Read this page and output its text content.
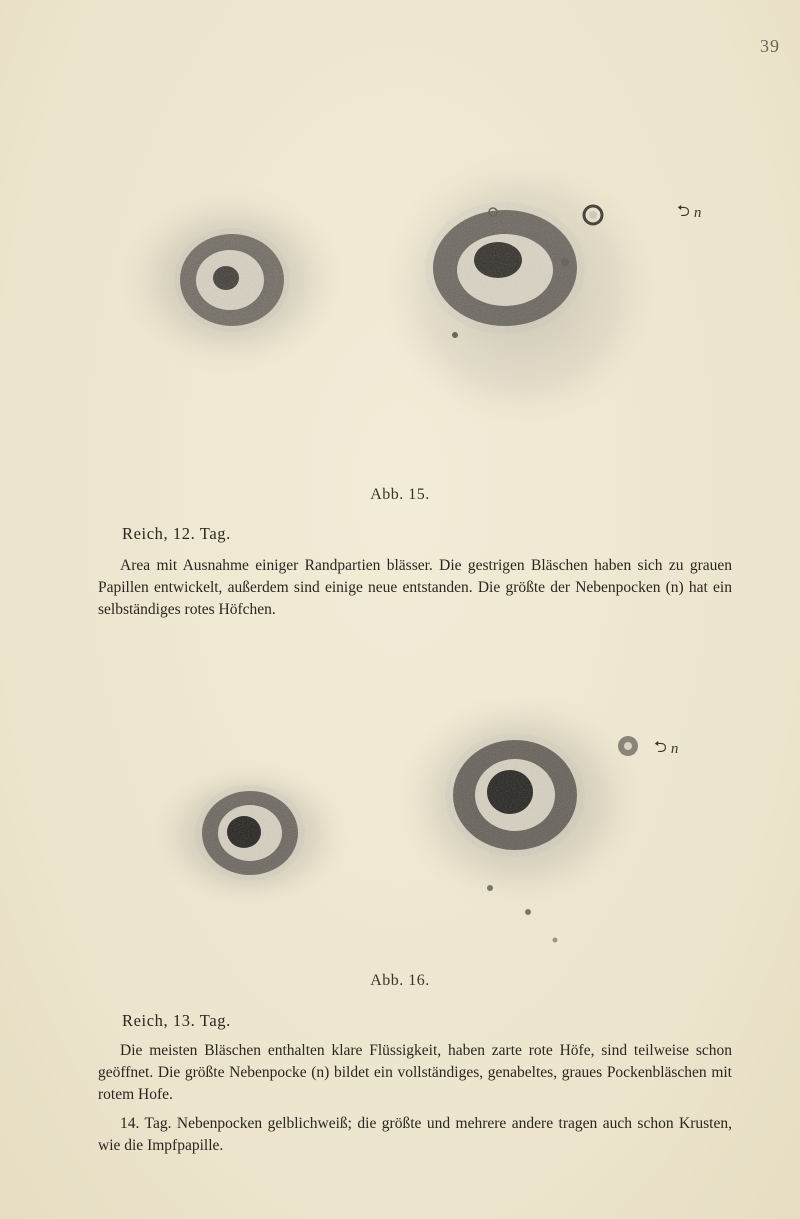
39
⮌ n
Abb. 15.
Reich, 12. Tag.

Area mit Ausnahme einiger Randpartien blässer. Die gestrigen Bläschen haben sich zu grauen Papillen entwickelt, außerdem sind einige neue entstanden. Die größte der Nebenpocken (n) hat ein selbständiges rotes Höfchen.

⮌ n
Abb. 16.
Reich, 13. Tag.

Die meisten Bläschen enthalten klare Flüssigkeit, haben zarte rote Höfe, sind teilweise schon geöffnet. Die größte Nebenpocke (n) bildet ein vollständiges, genabeltes, graues Pockenbläschen mit rotem Hofe.

14. Tag. Nebenpocken gelblichweiß; die größte und mehrere andere tragen auch schon Krusten, wie die Impfpapille.
